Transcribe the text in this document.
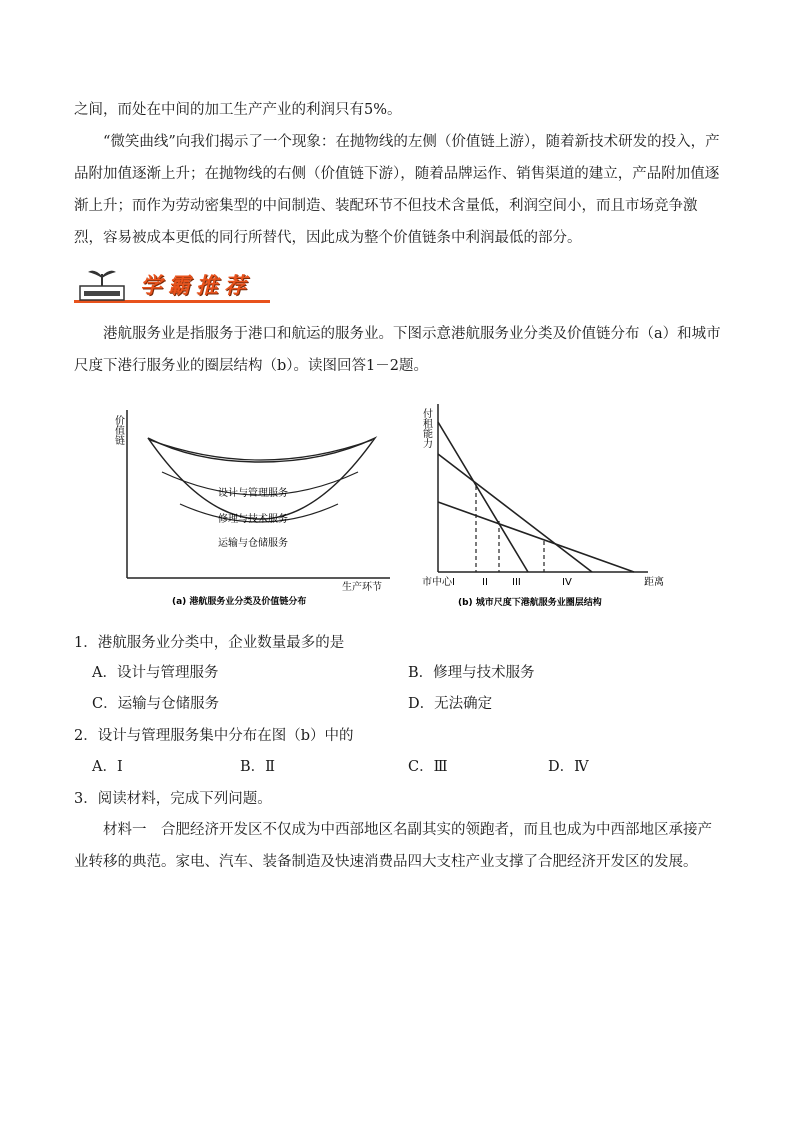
之间，而处在中间的加工生产产业的利润只有5%。

“微笑曲线”向我们揭示了一个现象：在抛物线的左侧（价值链上游），随着新技术研发的投入，产品附加值逐渐上升；在抛物线的右侧（价值链下游），随着品牌运作、销售渠道的建立，产品附加值逐渐上升；而作为劳动密集型的中间制造、装配环节不但技术含量低，利润空间小，而且市场竞争激烈，容易被成本更低的同行所替代，因此成为整个价值链条中利润最低的部分。

学霸推荐

港航服务业是指服务于港口和航运的服务业。下图示意港航服务业分类及价值链分布（a）和城市尺度下港行服务业的圈层结构（b）。读图回答1－2题。

价值链
设计与管理服务
修理与技术服务
运输与仓储服务
生产环节
(a) 港航服务业分类及价值链分布
付租能力
市中心 I	II III	IV	距离
(b) 城市尺度下港航服务业圈层结构
1．港航服务业分类中，企业数量最多的是
A．设计与管理服务	B．修理与技术服务
C．运输与仓储服务	D．无法确定
2．设计与管理服务集中分布在图（b）中的
A．Ⅰ	B．Ⅱ	C．Ⅲ	D．Ⅳ
3．阅读材料，完成下列问题。

材料一　合肥经济开发区不仅成为中西部地区名副其实的领跑者，而且也成为中西部地区承接产业转移的典范。家电、汽车、装备制造及快速消费品四大支柱产业支撑了合肥经济开发区的发展。
